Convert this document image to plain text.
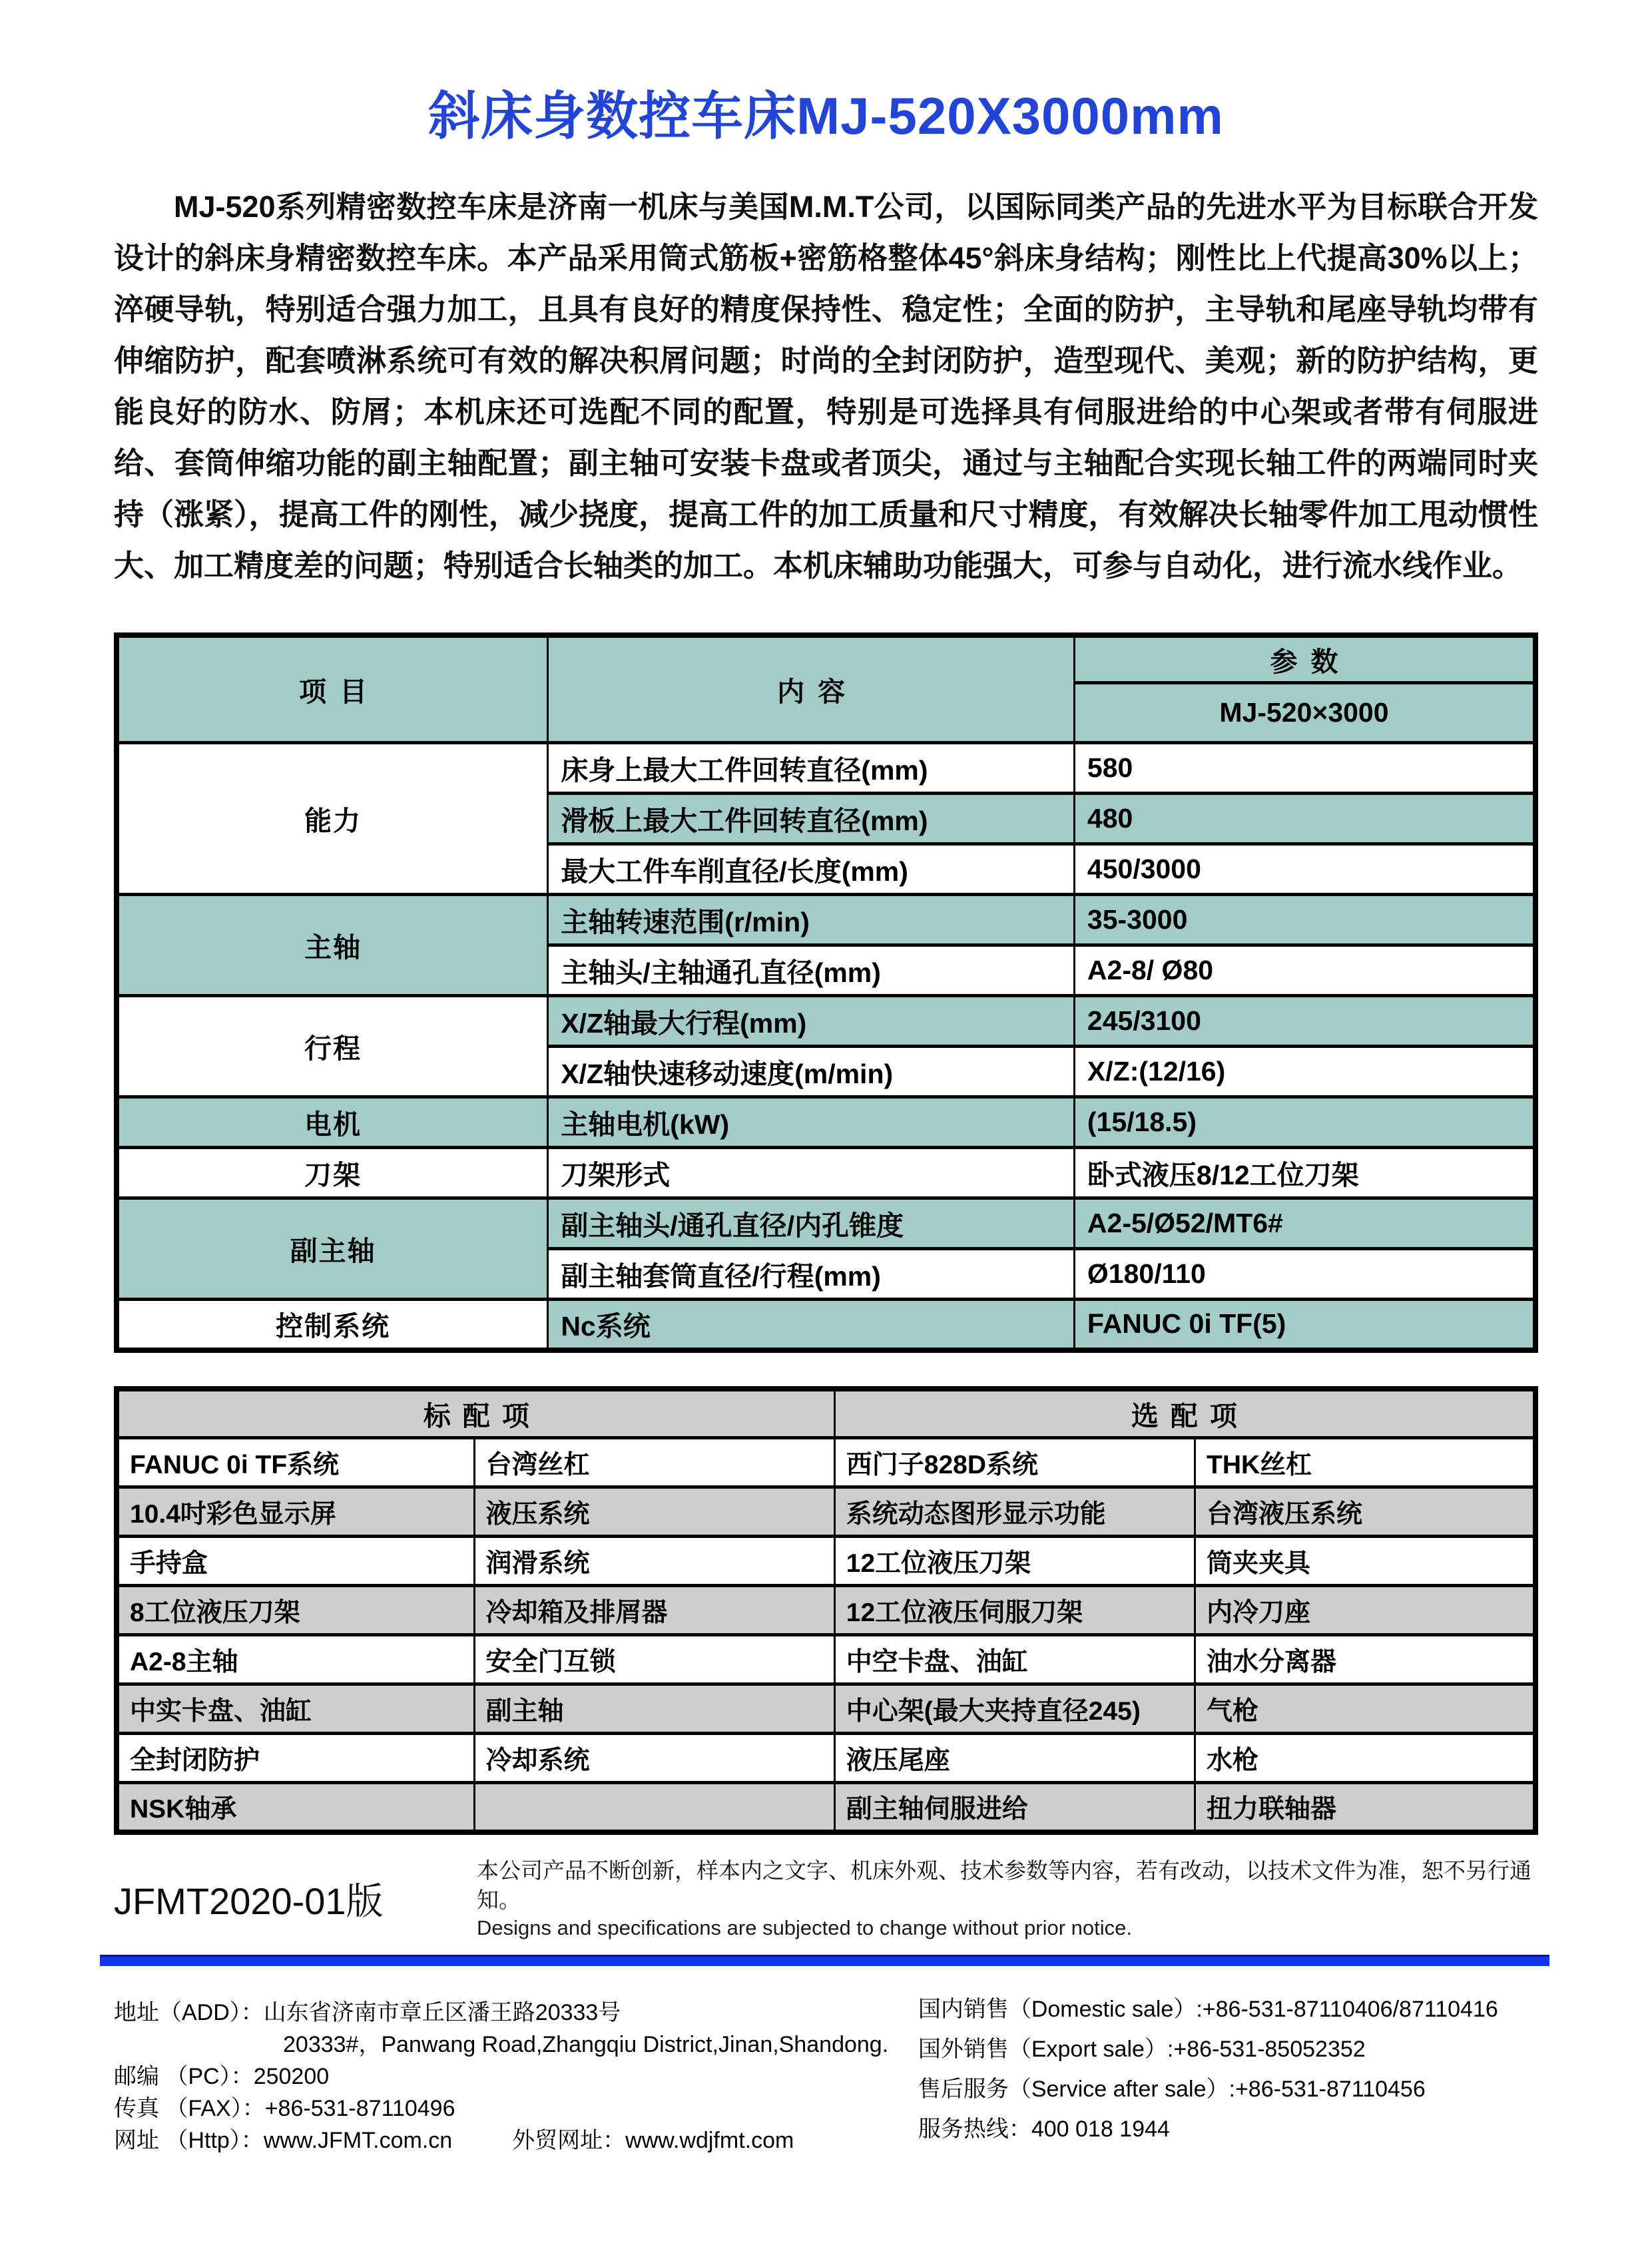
斜床身数控车床MJ-520X3000mm

MJ-520系列精密数控车床是济南一机床与美国M.M.T公司，以国际同类产品的先进水平为目标联合开发设计的斜床身精密数控车床。本产品采用筒式筋板+密筋格整体45°斜床身结构；刚性比上代提高30%以上；淬硬导轨，特别适合强力加工，且具有良好的精度保持性、稳定性；全面的防护，主导轨和尾座导轨均带有伸缩防护，配套喷淋系统可有效的解决积屑问题；时尚的全封闭防护，造型现代、美观；新的防护结构，更能良好的防水、防屑；本机床还可选配不同的配置，特别是可选择具有伺服进给的中心架或者带有伺服进给、套筒伸缩功能的副主轴配置；副主轴可安装卡盘或者顶尖，通过与主轴配合实现长轴工件的两端同时夹持（涨紧），提高工件的刚性，减少挠度，提高工件的加工质量和尺寸精度，有效解决长轴零件加工甩动惯性大、加工精度差的问题；特别适合长轴类的加工。本机床辅助功能强大，可参与自动化，进行流水线作业。

项目	内容	参数
		MJ-520×3000
能力	床身上最大工件回转直径(mm)	580
	滑板上最大工件回转直径(mm)	480
	最大工件车削直径/长度(mm)	450/3000
主轴	主轴转速范围(r/min)	35-3000
	主轴头/主轴通孔直径(mm)	A2-8/ Ø80
行程	X/Z轴最大行程(mm)	245/3100
	X/Z轴快速移动速度(m/min)	X/Z:(12/16)
电机	主轴电机(kW)	(15/18.5)
刀架	刀架形式	卧式液压8/12工位刀架
副主轴	副主轴头/通孔直径/内孔锥度	A2-5/Ø52/MT6#
	副主轴套筒直径/行程(mm)	Ø180/110
控制系统	Nc系统	FANUC 0i TF(5)
标配项		选配项	
FANUC 0i TF系统	台湾丝杠	西门子828D系统	THK丝杠
10.4吋彩色显示屏	液压系统	系统动态图形显示功能	台湾液压系统
手持盒	润滑系统	12工位液压刀架	筒夹夹具
8工位液压刀架	冷却箱及排屑器	12工位液压伺服刀架	内冷刀座
A2-8主轴	安全门互锁	中空卡盘、油缸	油水分离器
中实卡盘、油缸	副主轴	中心架(最大夹持直径245)	气枪
全封闭防护	冷却系统	液压尾座	水枪
NSK轴承		副主轴伺服进给	扭力联轴器
JFMT2020-01版
本公司产品不断创新，样本内之文字、机床外观、技术参数等内容，若有改动，以技术文件为准，恕不另行通知。
Designs and specifications are subjected to change without prior notice.
地址（ADD）：山东省济南市章丘区潘王路20333号
20333#，Panwang Road,Zhangqiu District,Jinan,Shandong.
邮编 （PC）：250200
传真 （FAX）：+86-531-87110496
网址 （Http）：www.JFMT.com.cn	外贸网址：www.wdjfmt.com
国内销售（Domestic sale）:+86-531-87110406/87110416
国外销售（Export sale）:+86-531-85052352
售后服务（Service after sale）:+86-531-87110456
服务热线：400 018 1944
